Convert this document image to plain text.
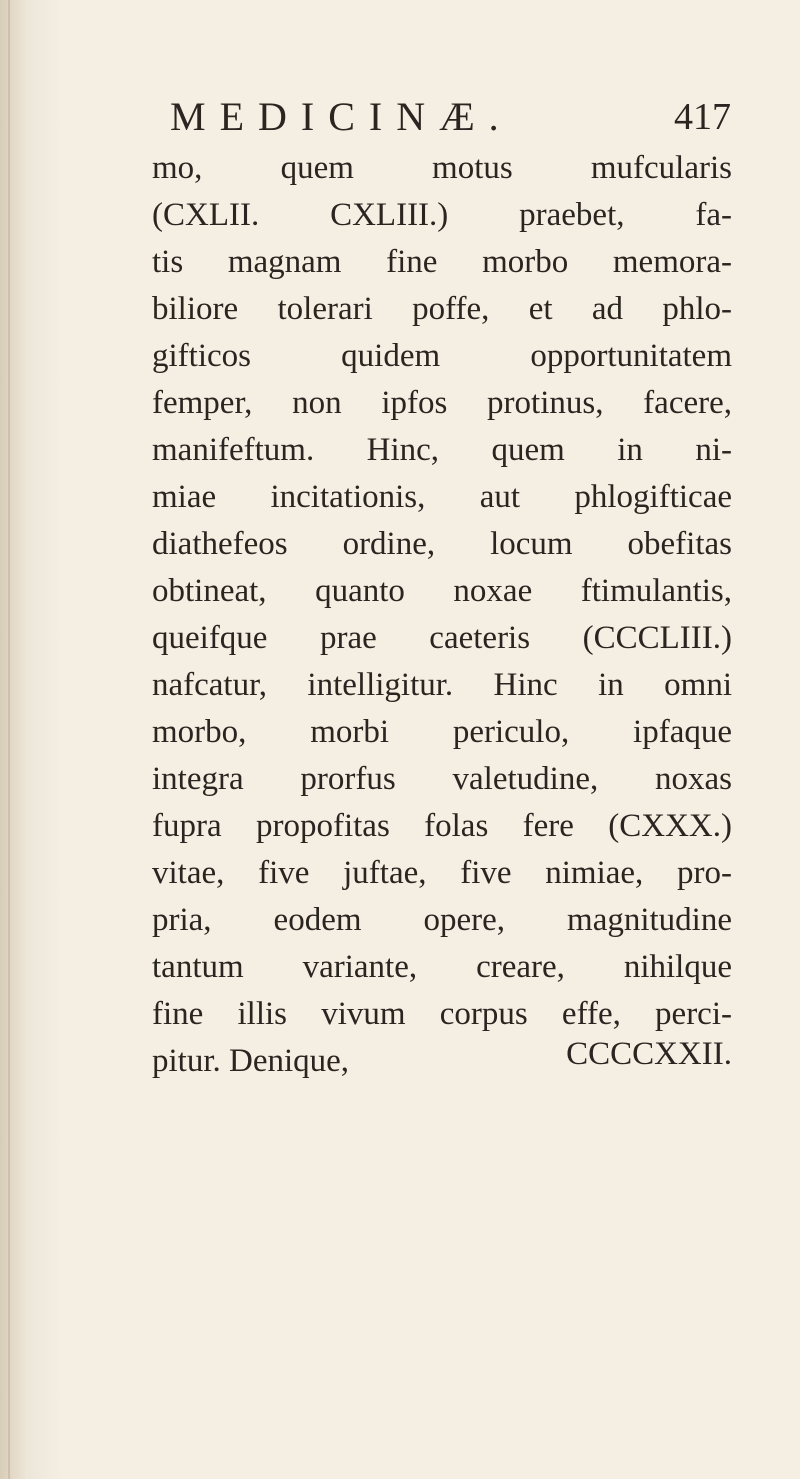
MEDICINÆ.	417
mo, quem motus mufcularis
(CXLII. CXLIII.) praebet, fa-
tis magnam fine morbo memora-
biliore tolerari poffe, et ad phlo-
gifticos quidem opportunitatem
femper, non ipfos protinus, facere,
manifeftum. Hinc, quem in ni-
miae incitationis, aut phlogifticae
diathefeos ordine, locum obefitas
obtineat, quanto noxae ftimulantis,
queifque prae caeteris (CCCLIII.)
nafcatur, intelligitur. Hinc in omni
morbo, morbi periculo, ipfaque
integra prorfus valetudine, noxas
fupra propofitas folas fere (CXXX.)
vitae, five juftae, five nimiae, pro-
pria, eodem opere, magnitudine
tantum variante, creare, nihilque
fine illis vivum corpus effe, perci-
pitur. Denique,	CCCCXXII.
